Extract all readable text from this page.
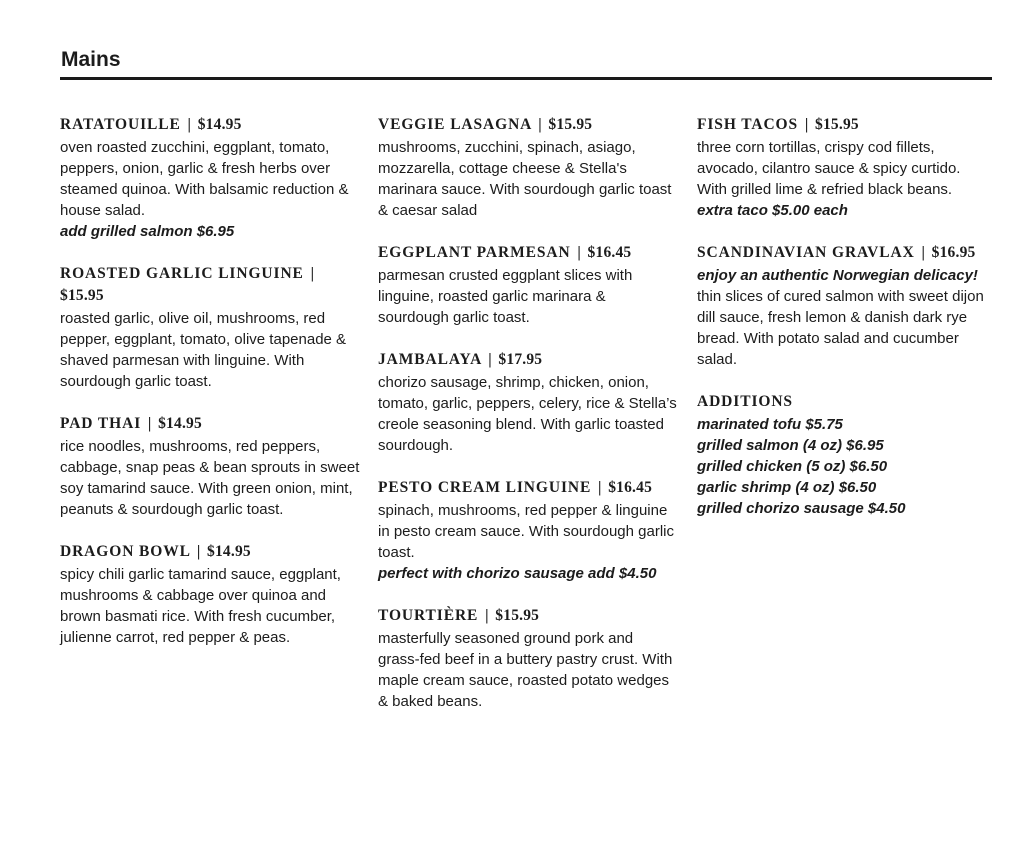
Mains
RATATOUILLE | $14.95

oven roasted zucchini, eggplant, tomato, peppers, onion, garlic & fresh herbs over steamed quinoa. With balsamic reduction & house salad.

add grilled salmon $6.95

ROASTED GARLIC LINGUINE | $15.95

roasted garlic, olive oil, mushrooms, red pepper, eggplant, tomato, olive tapenade & shaved parmesan with linguine. With sourdough garlic toast.

PAD THAI | $14.95

rice noodles, mushrooms, red peppers, cabbage, snap peas & bean sprouts in sweet soy tamarind sauce. With green onion, mint, peanuts & sourdough garlic toast.

DRAGON BOWL | $14.95

spicy chili garlic tamarind sauce, eggplant, mushrooms & cabbage over quinoa and brown basmati rice. With fresh cucumber, julienne carrot, red pepper & peas.

VEGGIE LASAGNA | $15.95

mushrooms, zucchini, spinach, asiago, mozzarella, cottage cheese & Stella's marinara sauce. With sourdough garlic toast & caesar salad

EGGPLANT PARMESAN | $16.45

parmesan crusted eggplant slices with linguine, roasted garlic marinara & sourdough garlic toast.

JAMBALAYA | $17.95

chorizo sausage, shrimp, chicken, onion, tomato, garlic, peppers, celery, rice & Stella’s creole seasoning blend. With garlic toasted sourdough.

PESTO CREAM LINGUINE | $16.45

spinach, mushrooms, red pepper & linguine in pesto cream sauce. With sourdough garlic toast.

perfect with chorizo sausage add $4.50

TOURTIÈRE | $15.95

masterfully seasoned ground pork and grass-fed beef in a buttery pastry crust. With maple cream sauce, roasted potato wedges & baked beans.

FISH TACOS | $15.95

three corn tortillas, crispy cod fillets, avocado, cilantro sauce & spicy curtido. With grilled lime & refried black beans.

extra taco $5.00 each

SCANDINAVIAN GRAVLAX | $16.95

enjoy an authentic Norwegian delicacy!

thin slices of cured salmon with sweet dijon dill sauce, fresh lemon & danish dark rye bread. With potato salad and cucumber salad.

ADDITIONS
marinated tofu $5.75
grilled salmon (4 oz) $6.95
grilled chicken (5 oz) $6.50
garlic shrimp (4 oz) $6.50
grilled chorizo sausage $4.50
